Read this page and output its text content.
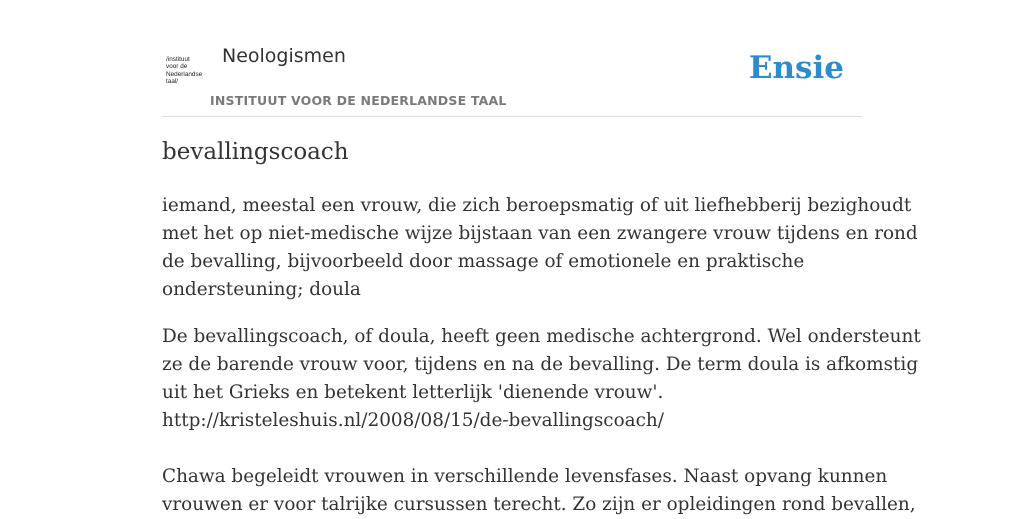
/instituut
voor de
Nederlandse
taal/
Neologismen
INSTITUUT VOOR DE NEDERLANDSE TAAL
Ensie
bevallingscoach

iemand, meestal een vrouw, die zich beroepsmatig of uit liefhebberij bezighoudt
met het op niet-medische wijze bijstaan van een zwangere vrouw tijdens en rond
de bevalling, bijvoorbeeld door massage of emotionele en praktische
ondersteuning; doula

De bevallingscoach, of doula, heeft geen medische achtergrond. Wel ondersteunt
ze de barende vrouw voor, tijdens en na de bevalling. De term doula is afkomstig
uit het Grieks en betekent letterlijk 'dienende vrouw'.
http://kristeleshuis.nl/2008/08/15/de-bevallingscoach/

Chawa begeleidt vrouwen in verschillende levensfases. Naast opvang kunnen
vrouwen er voor talrijke cursussen terecht. Zo zijn er opleidingen rond bevallen,
